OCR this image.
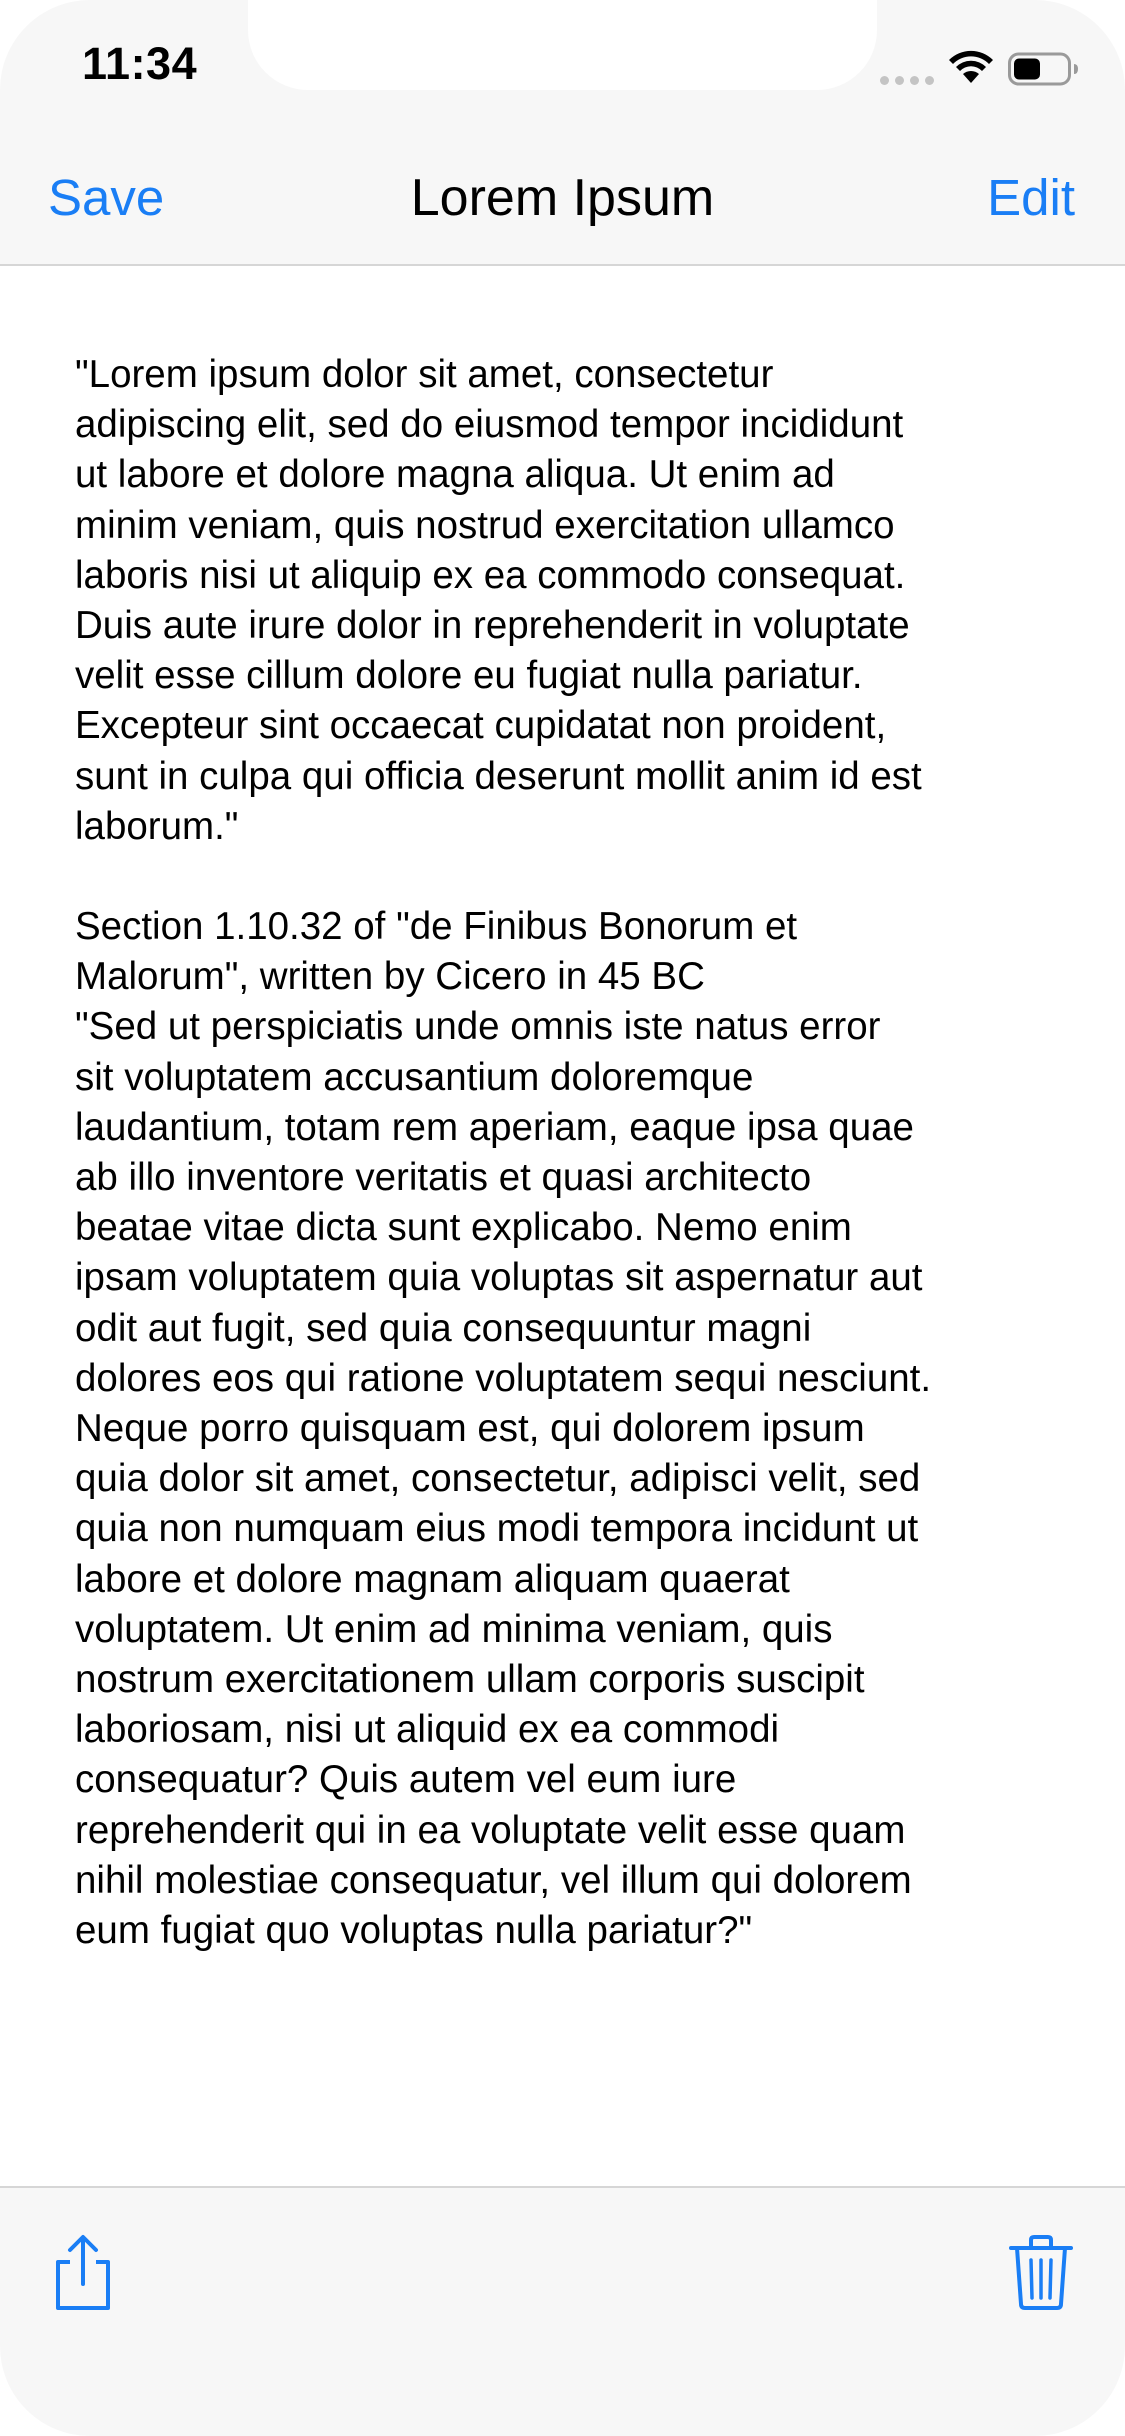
11:34
Save	Lorem Ipsum	Edit

"Lorem ipsum dolor sit amet, consectetur
adipiscing elit, sed do eiusmod tempor incididunt
ut labore et dolore magna aliqua. Ut enim ad
minim veniam, quis nostrud exercitation ullamco
laboris nisi ut aliquip ex ea commodo consequat.
Duis aute irure dolor in reprehenderit in voluptate
velit esse cillum dolore eu fugiat nulla pariatur.
Excepteur sint occaecat cupidatat non proident,
sunt in culpa qui officia deserunt mollit anim id est
laborum."

Section 1.10.32 of "de Finibus Bonorum et
Malorum", written by Cicero in 45 BC
"Sed ut perspiciatis unde omnis iste natus error
sit voluptatem accusantium doloremque
laudantium, totam rem aperiam, eaque ipsa quae
ab illo inventore veritatis et quasi architecto
beatae vitae dicta sunt explicabo. Nemo enim
ipsam voluptatem quia voluptas sit aspernatur aut
odit aut fugit, sed quia consequuntur magni
dolores eos qui ratione voluptatem sequi nesciunt.
Neque porro quisquam est, qui dolorem ipsum
quia dolor sit amet, consectetur, adipisci velit, sed
quia non numquam eius modi tempora incidunt ut
labore et dolore magnam aliquam quaerat
voluptatem. Ut enim ad minima veniam, quis
nostrum exercitationem ullam corporis suscipit
laboriosam, nisi ut aliquid ex ea commodi
consequatur? Quis autem vel eum iure
reprehenderit qui in ea voluptate velit esse quam
nihil molestiae consequatur, vel illum qui dolorem
eum fugiat quo voluptas nulla pariatur?"
